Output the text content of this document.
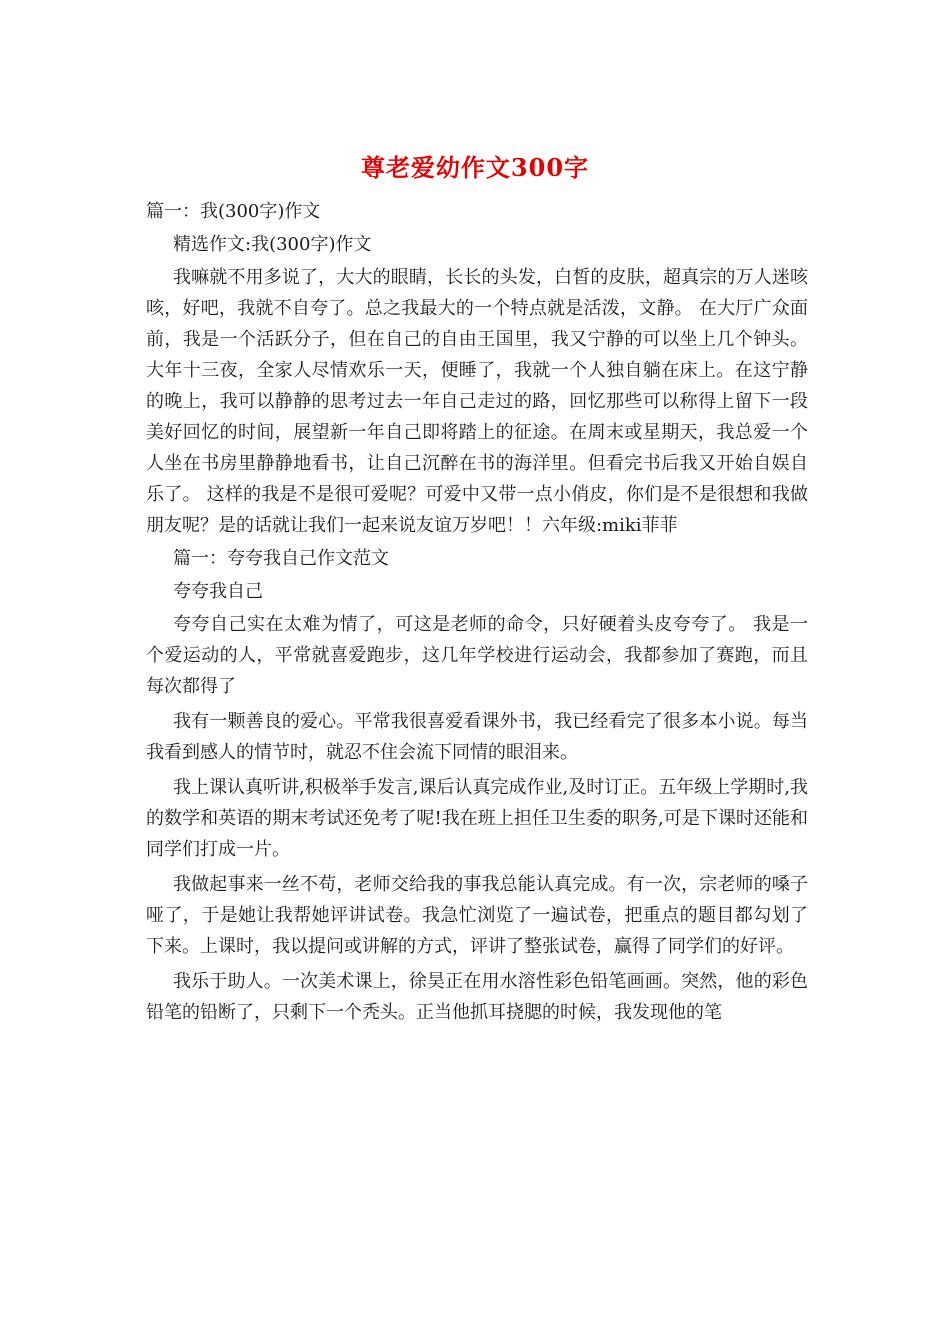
尊老爱幼作文300字

篇一：我(300字)作文

精选作文:我(300字)作文

我嘛就不用多说了，大大的眼睛，长长的头发，白皙的皮肤，超真宗的万人迷咳咳，好吧，我就不自夸了。总之我最大的一个特点就是活泼，文静。 在大厅广众面前，我是一个活跃分子，但在自己的自由王国里，我又宁静的可以坐上几个钟头。大年十三夜，全家人尽情欢乐一天，便睡了，我就一个人独自躺在床上。在这宁静的晚上，我可以静静的思考过去一年自己走过的路，回忆那些可以称得上留下一段美好回忆的时间，展望新一年自己即将踏上的征途。在周末或星期天，我总爱一个人坐在书房里静静地看书，让自己沉醉在书的海洋里。但看完书后我又开始自娱自乐了。 这样的我是不是很可爱呢？可爱中又带一点小俏皮，你们是不是很想和我做朋友呢？是的话就让我们一起来说友谊万岁吧！！六年级:miki菲菲

篇一：夸夸我自己作文范文

夸夸我自己

夸夸自己实在太难为情了，可这是老师的命令，只好硬着头皮夸夸了。 我是一个爱运动的人，平常就喜爱跑步，这几年学校进行运动会，我都参加了赛跑，而且每次都得了

我有一颗善良的爱心。平常我很喜爱看课外书，我已经看完了很多本小说。每当我看到感人的情节时，就忍不住会流下同情的眼泪来。

我上课认真听讲,积极举手发言,课后认真完成作业,及时订正。五年级上学期时,我的数学和英语的期末考试还免考了呢!我在班上担任卫生委的职务,可是下课时还能和同学们打成一片。

我做起事来一丝不苟，老师交给我的事我总能认真完成。有一次，宗老师的嗓子哑了，于是她让我帮她评讲试卷。我急忙浏览了一遍试卷，把重点的题目都勾划了下来。上课时，我以提问或讲解的方式，评讲了整张试卷，赢得了同学们的好评。

我乐于助人。一次美术课上，徐昊正在用水溶性彩色铅笔画画。突然，他的彩色铅笔的铅断了，只剩下一个秃头。正当他抓耳挠腮的时候，我发现他的笔
